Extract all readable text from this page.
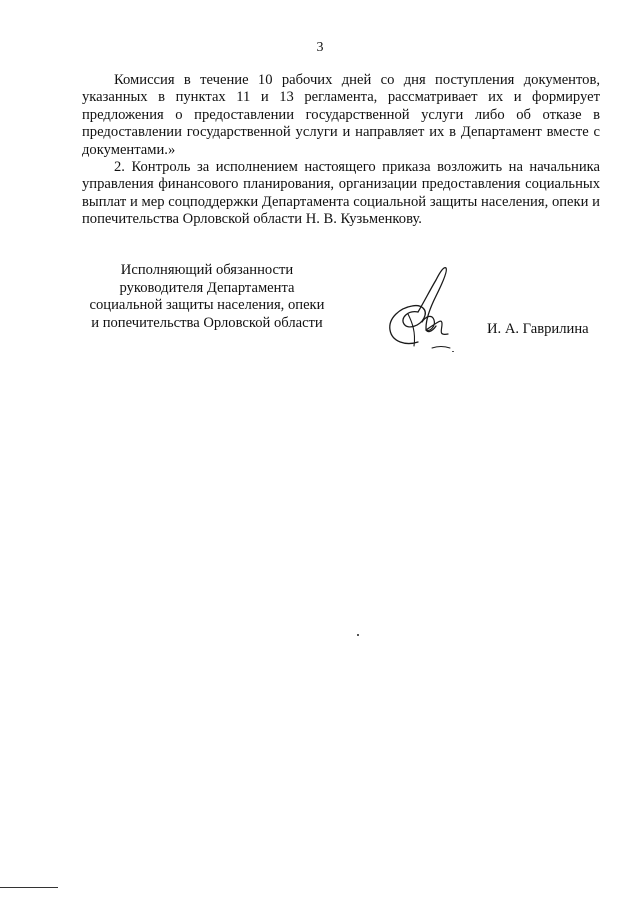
3

Комиссия в течение 10 рабочих дней со дня поступления документов, указанных в пунктах 11 и 13 регламента, рассматривает их и формирует предложения о предоставлении государственной услуги либо об отказе в предоставлении государственной услуги и направляет их в Департамент вместе с документами.»

2. Контроль за исполнением настоящего приказа возложить на начальника управления финансового планирования, организации предоставления социальных выплат и мер соцподдержки Департамента социальной защиты населения, опеки и попечительства Орловской области Н. В. Кузьменкову.

Исполняющий обязанности
руководителя Департамента
социальной защиты населения, опеки
и попечительства Орловской области	И. А. Гаврилина
